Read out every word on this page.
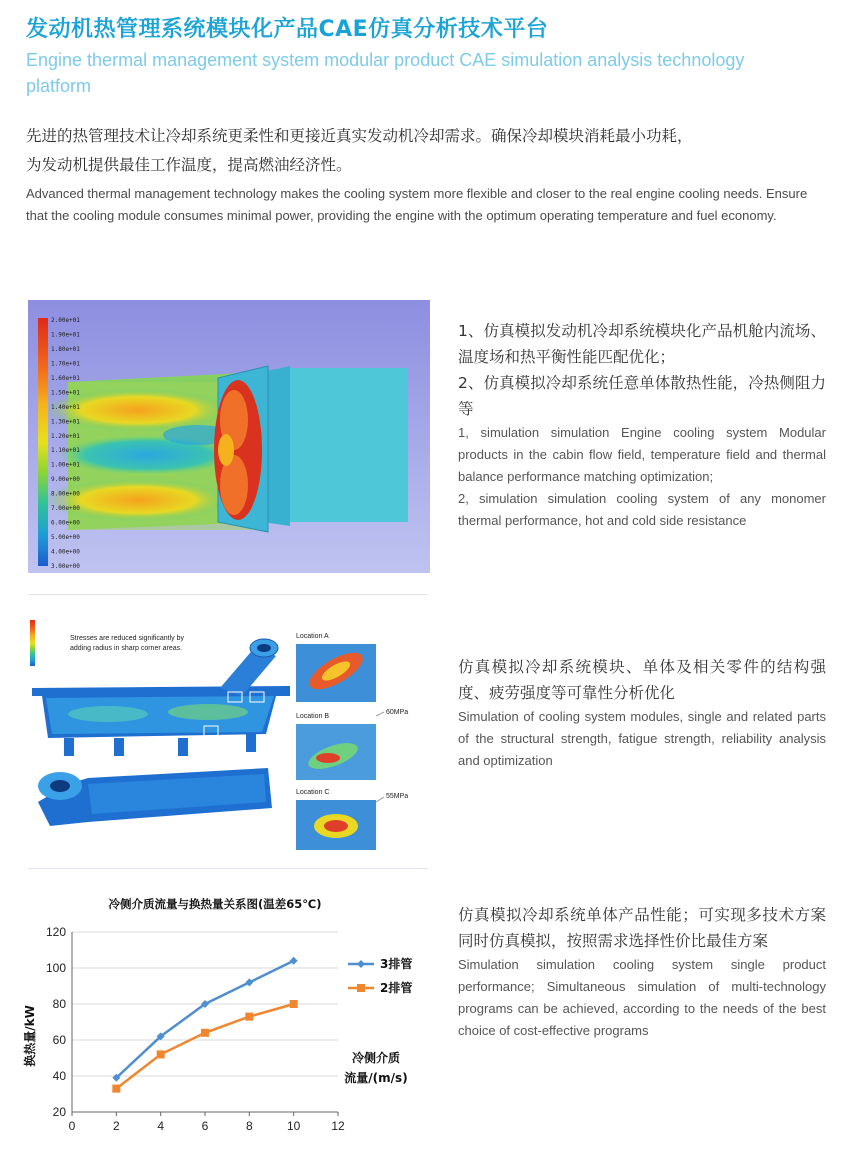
发动机热管理系统模块化产品CAE仿真分析技术平台
Engine thermal management system modular product CAE simulation analysis technology platform
先进的热管理技术让冷却系统更柔性和更接近真实发动机冷却需求。确保冷却模块消耗最小功耗，
为发动机提供最佳工作温度，提高燃油经济性。
Advanced thermal management technology makes the cooling system more flexible and closer to the real engine cooling needs. Ensure that the cooling module consumes minimal power, providing the engine with the optimum operating temperature and fuel economy.
2.00e+01
1.90e+01
1.80e+01
1.70e+01
1.60e+01
1.50e+01
1.40e+01
1.30e+01
1.20e+01
1.10e+01
1.00e+01
9.00e+00
8.00e+00
7.00e+00
6.00e+00
5.00e+00
4.00e+00
3.00e+00
1、仿真模拟发动机冷却系统模块化产品机舱内流场、温度场和热平衡性能匹配优化；
2、仿真模拟冷却系统任意单体散热性能，冷热侧阻力等
1, simulation simulation Engine cooling system Modular products in the cabin flow field, temperature field and thermal balance performance matching optimization;
2, simulation simulation cooling system of any monomer thermal performance, hot and cold side resistance
Stresses are reduced significantly by
adding radius in sharp corner areas.
Location A
Location B
60MPa
Location C
55MPa
仿真模拟冷却系统模块、单体及相关零件的结构强度、疲劳强度等可靠性分析优化
Simulation of cooling system modules, single and related parts of the structural strength, fatigue strength, reliability analysis and optimization
冷侧介质流量与换热量关系图(温差65℃)
换热量/kW	冷侧介质
流量/(m/s)
20
40
60
80
100
120
0	2	4	6	8	10	12
3排管
2排管
仿真模拟冷却系统单体产品性能；可实现多技术方案同时仿真模拟，按照需求选择性价比最佳方案
Simulation simulation cooling system single product performance; Simultaneous simulation of multi-technology programs can be achieved, according to the needs of the best choice of cost-effective programs
